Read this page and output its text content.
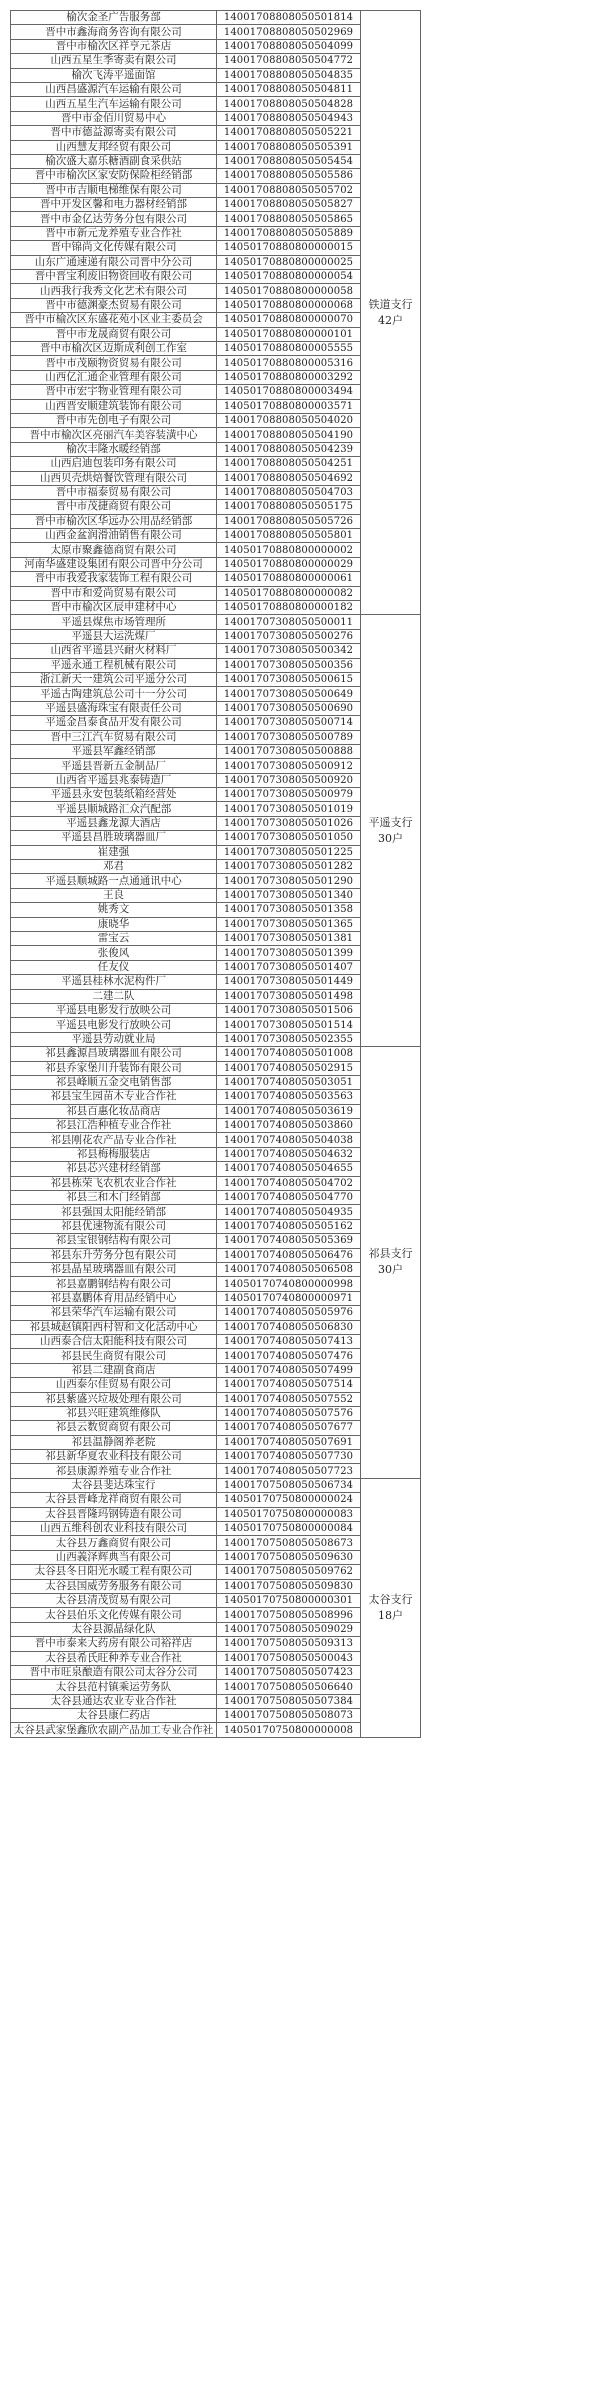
榆次金圣广告服务部	14001708808050501814	铁道支行
42户

晋中市鑫海商务咨询有限公司	14001708808050502969	
晋中市榆次区祥亨元茶店	14001708808050504099	
山西五星生季寄卖有限公司	14001708808050504772	
榆次飞涛平遥面馆	14001708808050504835	
山西昌盛源汽车运输有限公司	14001708808050504811	
山西五星生汽车运输有限公司	14001708808050504828	
晋中市金佰川贸易中心	14001708808050504943	
晋中市德益源寄卖有限公司	14001708808050505221	
山西慧友邦经贸有限公司	14001708808050505391	
榆次盛大嘉乐糖酒副食采供站	14001708808050505454	
晋中市榆次区家安防保险柜经销部	14001708808050505586	
晋中市吉顺电梯维保有限公司	14001708808050505702	
晋中开发区馨和电力器材经销部	14001708808050505827	
晋中市金亿达劳务分包有限公司	14001708808050505865	
晋中市新元龙养殖专业合作社	14001708808050505889	
晋中锦尚文化传媒有限公司	14050170880800000015	
山东广通速递有限公司晋中分公司	14050170880800000025	
晋中晋宝利废旧物资回收有限公司	14050170880800000054	
山西我行我秀文化艺术有限公司	14050170880800000058	
晋中市德渊豪杰贸易有限公司	14050170880800000068	
晋中市榆次区东盛花苑小区业主委员会	14050170880800000070	
晋中市龙晟商贸有限公司	14050170880800000101	
晋中市榆次区迈斯成利创工作室	14050170880800005555	
晋中市茂颐物资贸易有限公司	14050170880800005316	
山西亿汇通企业管理有限公司	14050170880800003292	
晋中市宏宇物业管理有限公司	14050170880800003494	
山西晋安顺建筑装饰有限公司	14050170880800003571	
晋中市先创电子有限公司	14001708808050504020	
晋中市榆次区亮丽汽车美容装潢中心	14001708808050504190	
榆次丰隆水暖经销部	14001708808050504239	
山西启迪包装印务有限公司	14001708808050504251	
山西贝壳烘焙餐饮管理有限公司	14001708808050504692	
晋中市福泰贸易有限公司	14001708808050504703	
晋中市茂捷商贸有限公司	14001708808050505175	
晋中市榆次区华远办公用品经销部	14001708808050505726	
山西金盆润滑油销售有限公司	14001708808050505801	
太原市聚鑫德商贸有限公司	14050170880800000002	
河南华盛建设集团有限公司晋中分公司	14050170880800000029	
晋中市我爱我家装饰工程有限公司	14050170880800000061	
晋中市和爱尚贸易有限公司	14050170880800000082	
晋中市榆次区辰申建材中心	14050170880800000182	
平遥县煤焦市场管理所	14001707308050500011	平遥支行
30户

平遥县大运洗煤厂	14001707308050500276	
山西省平遥县兴耐火材料厂	14001707308050500342	
平遥永通工程机械有限公司	14001707308050500356	
浙江新天一建筑公司平遥分公司	14001707308050500615	
平遥古陶建筑总公司十一分公司	14001707308050500649	
平遥县盛海珠宝有限责任公司	14001707308050500690	
平遥金昌泰食品开发有限公司	14001707308050500714	
晋中三江汽车贸易有限公司	14001707308050500789	
平遥县军鑫经销部	14001707308050500888	
平遥县晋新五金制品厂	14001707308050500912	
山西省平遥县兆泰铸造厂	14001707308050500920	
平遥县永安包装纸箱经营处	14001707308050500979	
平遥县顺城路汇众汽配部	14001707308050501019	
平遥县鑫龙源大酒店	14001707308050501026	
平遥县昌胜玻璃器皿厂	14001707308050501050	
崔建强	14001707308050501225	
邓君	14001707308050501282	
平遥县顺城路一点通通讯中心	14001707308050501290	
王良	14001707308050501340	
姚秀文	14001707308050501358	
康晓华	14001707308050501365	
雷宝云	14001707308050501381	
张俊风	14001707308050501399	
任友仪	14001707308050501407	
平遥县桂林水泥构件厂	14001707308050501449	
二建二队	14001707308050501498	
平遥县电影发行放映公司	14001707308050501506	
平遥县电影发行放映公司	14001707308050501514	
平遥县劳动就业局	14001707308050502355	
祁县鑫源昌玻璃器皿有限公司	14001707408050501008	祁县支行
30户

祁县乔家堡川升装饰有限公司	14001707408050502915	
祁县峰顺五金交电销售部	14001707408050503051	
祁县宝生园苗木专业合作社	14001707408050503563	
祁县百惠化妆品商店	14001707408050503619	
祁县江浩种植专业合作社	14001707408050503860	
祁县刚花农产品专业合作社	14001707408050504038	
祁县梅梅服装店	14001707408050504632	
祁县芯兴建材经销部	14001707408050504655	
祁县栋荣飞农机农业合作社	14001707408050504702	
祁县三和木门经销部	14001707408050504770	
祁县强国太阳能经销部	14001707408050504935	
祁县优速物流有限公司	14001707408050505162	
祁县宝银钢结构有限公司	14001707408050505369	
祁县东升劳务分包有限公司	14001707408050506476	
祁县晶星玻璃器皿有限公司	14001707408050506508	
祁县嘉鹏钢结构有限公司	14050170740800000998	
祁县嘉鹏体育用品经销中心	14050170740800000971	
祁县荣华汽车运输有限公司	14001707408050505976	
祁县城赵镇阳西村智和文化活动中心	14001707408050506830	
山西泰合信太阳能科技有限公司	14001707408050507413	
祁县民生商贸有限公司	14001707408050507476	
祁县二建副食商店	14001707408050507499	
山西泰尔佳贸易有限公司	14001707408050507514	
祁县紫盛兴垃圾处理有限公司	14001707408050507552	
祁县兴旺建筑维修队	14001707408050507576	
祁县云数贸商贸有限公司	14001707408050507677	
祁县温静阁养老院	14001707408050507691	
祁县新华夏农业科技有限公司	14001707408050507730	
祁县康源养殖专业合作社	14001707408050507723	
太谷县斐达珠宝行	14001707508050506734	太谷支行
18户

太谷县晋峰龙祥商贸有限公司	14050170750800000024	
太谷县晋隆玛钢铸造有限公司	14050170750800000083	
山西五维科创农业科技有限公司	14050170750800000084	
太谷县万鑫商贸有限公司	14001707508050508673	
山西義泽辉典当有限公司	14001707508050509630	
太谷县冬日阳光水暖工程有限公司	14001707508050509762	
太谷县国威劳务服务有限公司	14001707508050509830	
太谷县清茂贸易有限公司	14050170750800000301	
太谷县伯乐文化传媒有限公司	14001707508050508996	
太谷县源晶绿化队	14001707508050509029	
晋中市泰来大药房有限公司裕祥店	14001707508050509313	
太谷县希氏旺种养专业合作社	14001707508050500043	
晋中市旺泉酿造有限公司太谷分公司	14001707508050507423	
太谷县范村镇乘运劳务队	14001707508050506640	
太谷县通达农业专业合作社	14001707508050507384	
太谷县康仁药店	14001707508050508073	
太谷县武家堡鑫欣农副产品加工专业合作社	14050170750800000008	
